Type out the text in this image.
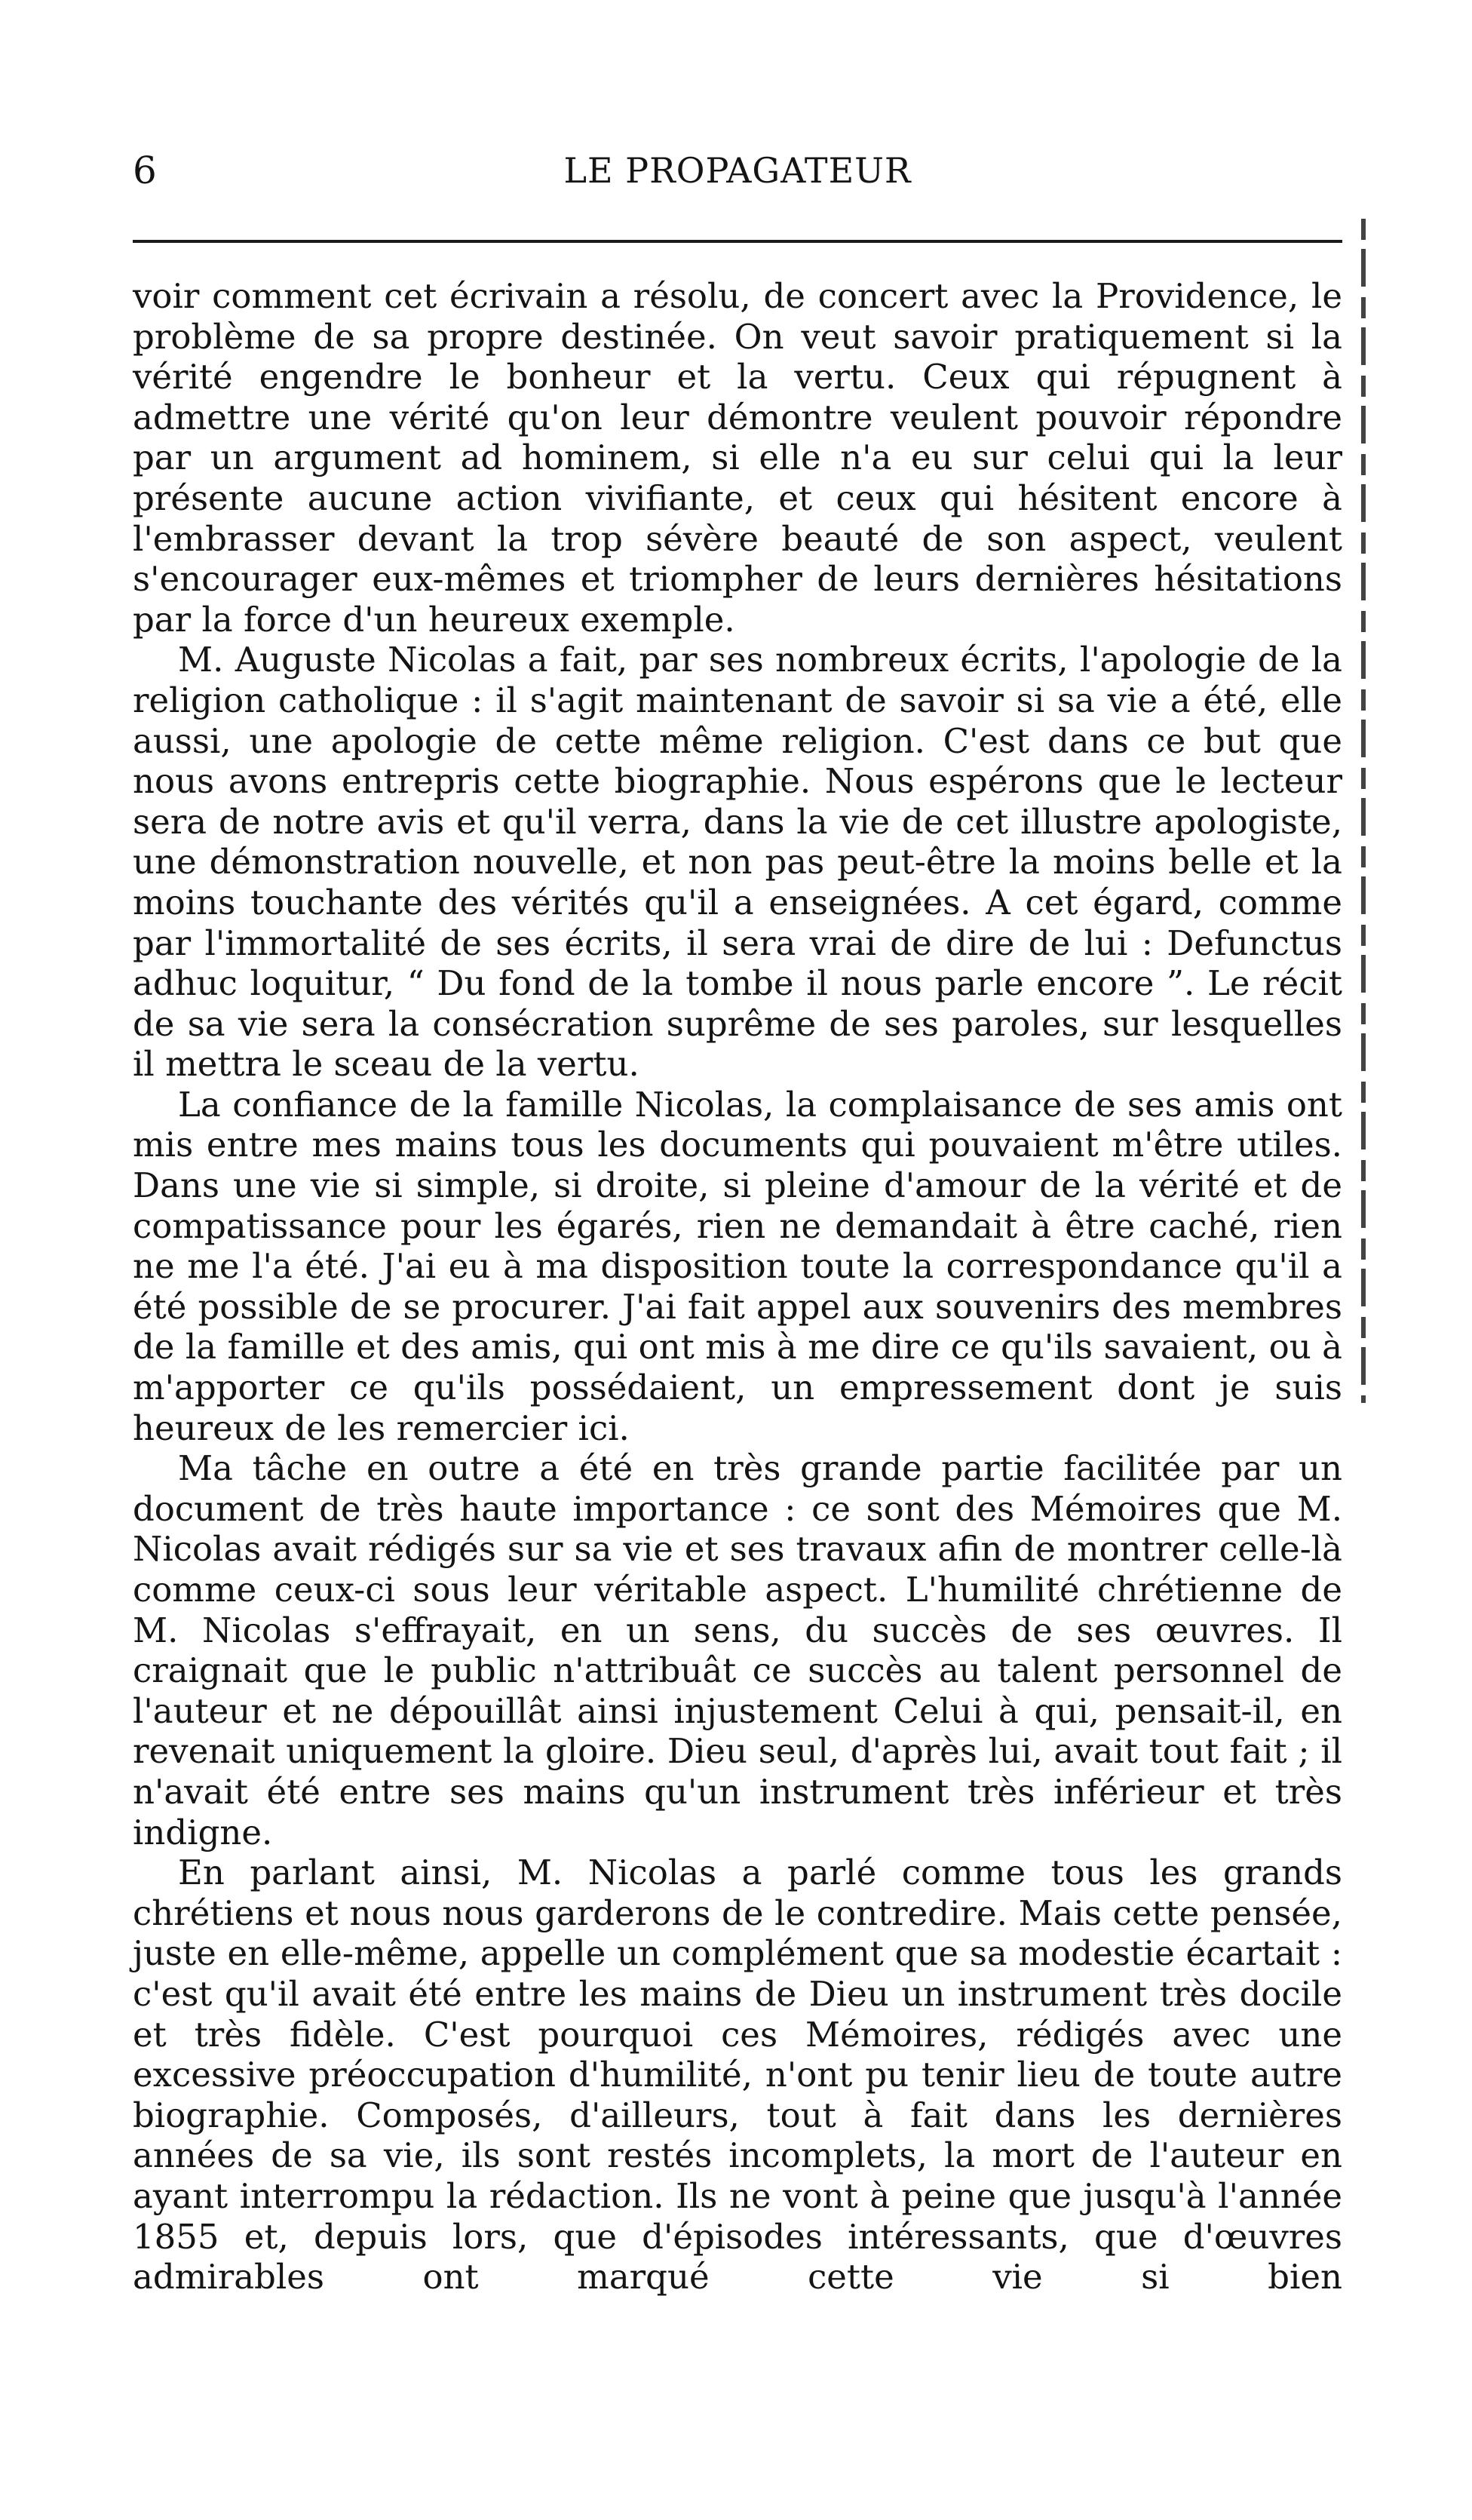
6	LE PROPAGATEUR

voir comment cet écrivain a résolu, de concert avec la Providence, le problème de sa propre destinée. On veut savoir pratiquement si la vérité engendre le bonheur et la vertu. Ceux qui répugnent à admettre une vérité qu'on leur démontre veulent pouvoir répondre par un argument ad hominem, si elle n'a eu sur celui qui la leur présente aucune action vivifiante, et ceux qui hésitent encore à l'embrasser devant la trop sévère beauté de son aspect, veulent s'encourager eux-mêmes et triompher de leurs dernières hésitations par la force d'un heureux exemple.

M. Auguste Nicolas a fait, par ses nombreux écrits, l'apologie de la religion catholique : il s'agit maintenant de savoir si sa vie a été, elle aussi, une apologie de cette même religion. C'est dans ce but que nous avons entrepris cette biographie. Nous espérons que le lecteur sera de notre avis et qu'il verra, dans la vie de cet illustre apologiste, une démonstration nouvelle, et non pas peut-être la moins belle et la moins touchante des vérités qu'il a enseignées. A cet égard, comme par l'immortalité de ses écrits, il sera vrai de dire de lui : Defunctus adhuc loquitur, “ Du fond de la tombe il nous parle encore ”. Le récit de sa vie sera la consécration suprême de ses paroles, sur lesquelles il mettra le sceau de la vertu.

La confiance de la famille Nicolas, la complaisance de ses amis ont mis entre mes mains tous les documents qui pouvaient m'être utiles. Dans une vie si simple, si droite, si pleine d'amour de la vérité et de compatissance pour les égarés, rien ne demandait à être caché, rien ne me l'a été. J'ai eu à ma disposition toute la correspondance qu'il a été possible de se procurer. J'ai fait appel aux souvenirs des membres de la famille et des amis, qui ont mis à me dire ce qu'ils savaient, ou à m'apporter ce qu'ils possédaient, un empressement dont je suis heureux de les remercier ici.

Ma tâche en outre a été en très grande partie facilitée par un document de très haute importance : ce sont des Mémoires que M. Nicolas avait rédigés sur sa vie et ses travaux afin de montrer celle-là comme ceux-ci sous leur véritable aspect. L'humilité chrétienne de M. Nicolas s'effrayait, en un sens, du succès de ses œuvres. Il craignait que le public n'attribuât ce succès au talent personnel de l'auteur et ne dépouillât ainsi injustement Celui à qui, pensait-il, en revenait uniquement la gloire. Dieu seul, d'après lui, avait tout fait ; il n'avait été entre ses mains qu'un instrument très inférieur et très indigne.

En parlant ainsi, M. Nicolas a parlé comme tous les grands chrétiens et nous nous garderons de le contredire. Mais cette pensée, juste en elle-même, appelle un complément que sa modestie écartait : c'est qu'il avait été entre les mains de Dieu un instrument très docile et très fidèle. C'est pourquoi ces Mémoires, rédigés avec une excessive préoccupation d'humilité, n'ont pu tenir lieu de toute autre biographie. Composés, d'ailleurs, tout à fait dans les dernières années de sa vie, ils sont restés incomplets, la mort de l'auteur en ayant interrompu la rédaction. Ils ne vont à peine que jusqu'à l'année 1855 et, depuis lors, que d'épisodes intéressants, que d'œuvres admirables ont marqué cette vie si bien
